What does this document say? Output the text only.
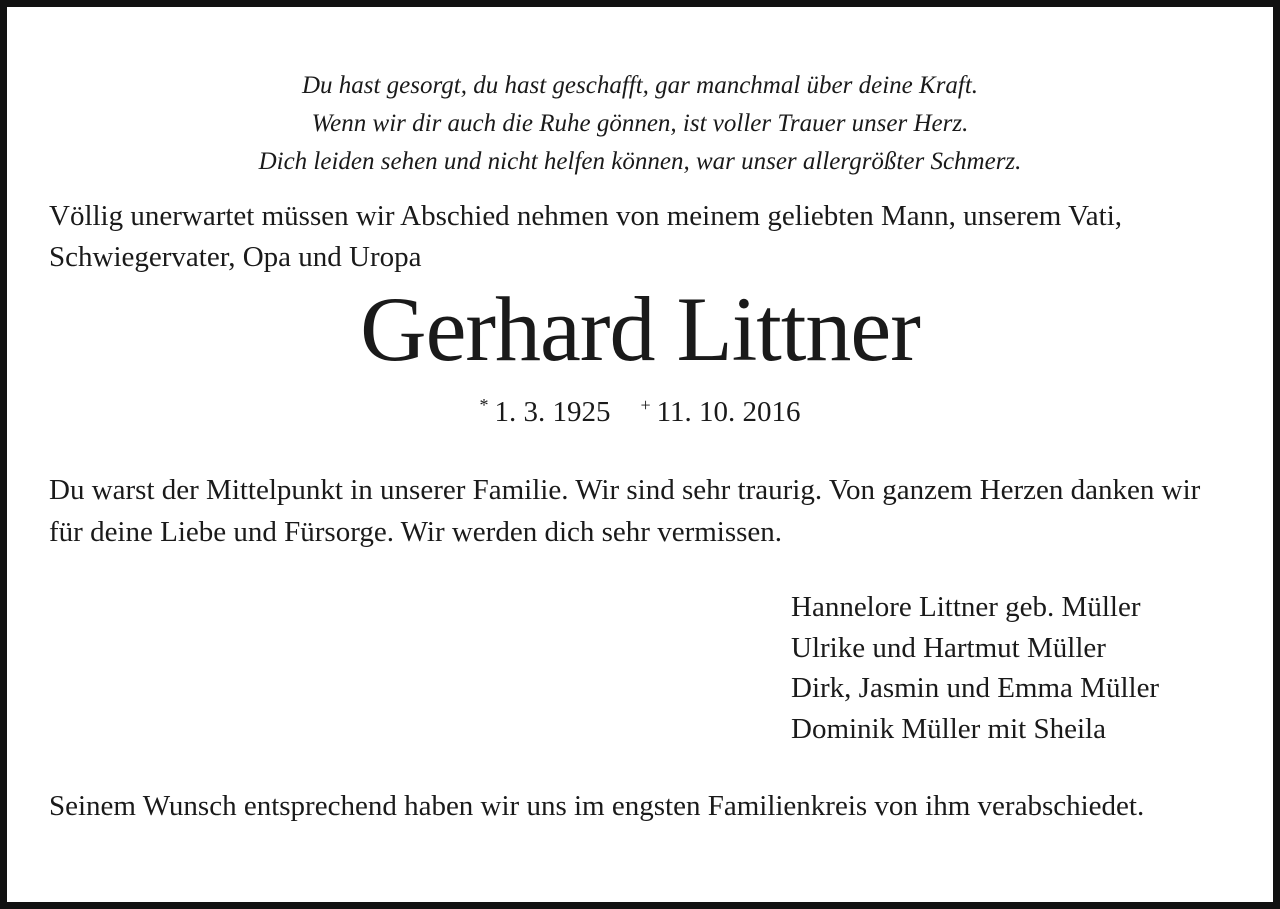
Du hast gesorgt, du hast geschafft, gar manchmal über deine Kraft.
Wenn wir dir auch die Ruhe gönnen, ist voller Trauer unser Herz.
Dich leiden sehen und nicht helfen können, war unser allergrößter Schmerz.
Völlig unerwartet müssen wir Abschied nehmen von meinem geliebten Mann, unserem Vati, Schwiegervater, Opa und Uropa
Gerhard Littner
* 1. 3. 1925 + 11. 10. 2016
Du warst der Mittelpunkt in unserer Familie. Wir sind sehr traurig. Von ganzem Herzen danken wir für deine Liebe und Fürsorge. Wir werden dich sehr vermissen.
Hannelore Littner geb. Müller
Ulrike und Hartmut Müller
Dirk, Jasmin und Emma Müller
Dominik Müller mit Sheila
Seinem Wunsch entsprechend haben wir uns im engsten Familienkreis von ihm verabschiedet.
